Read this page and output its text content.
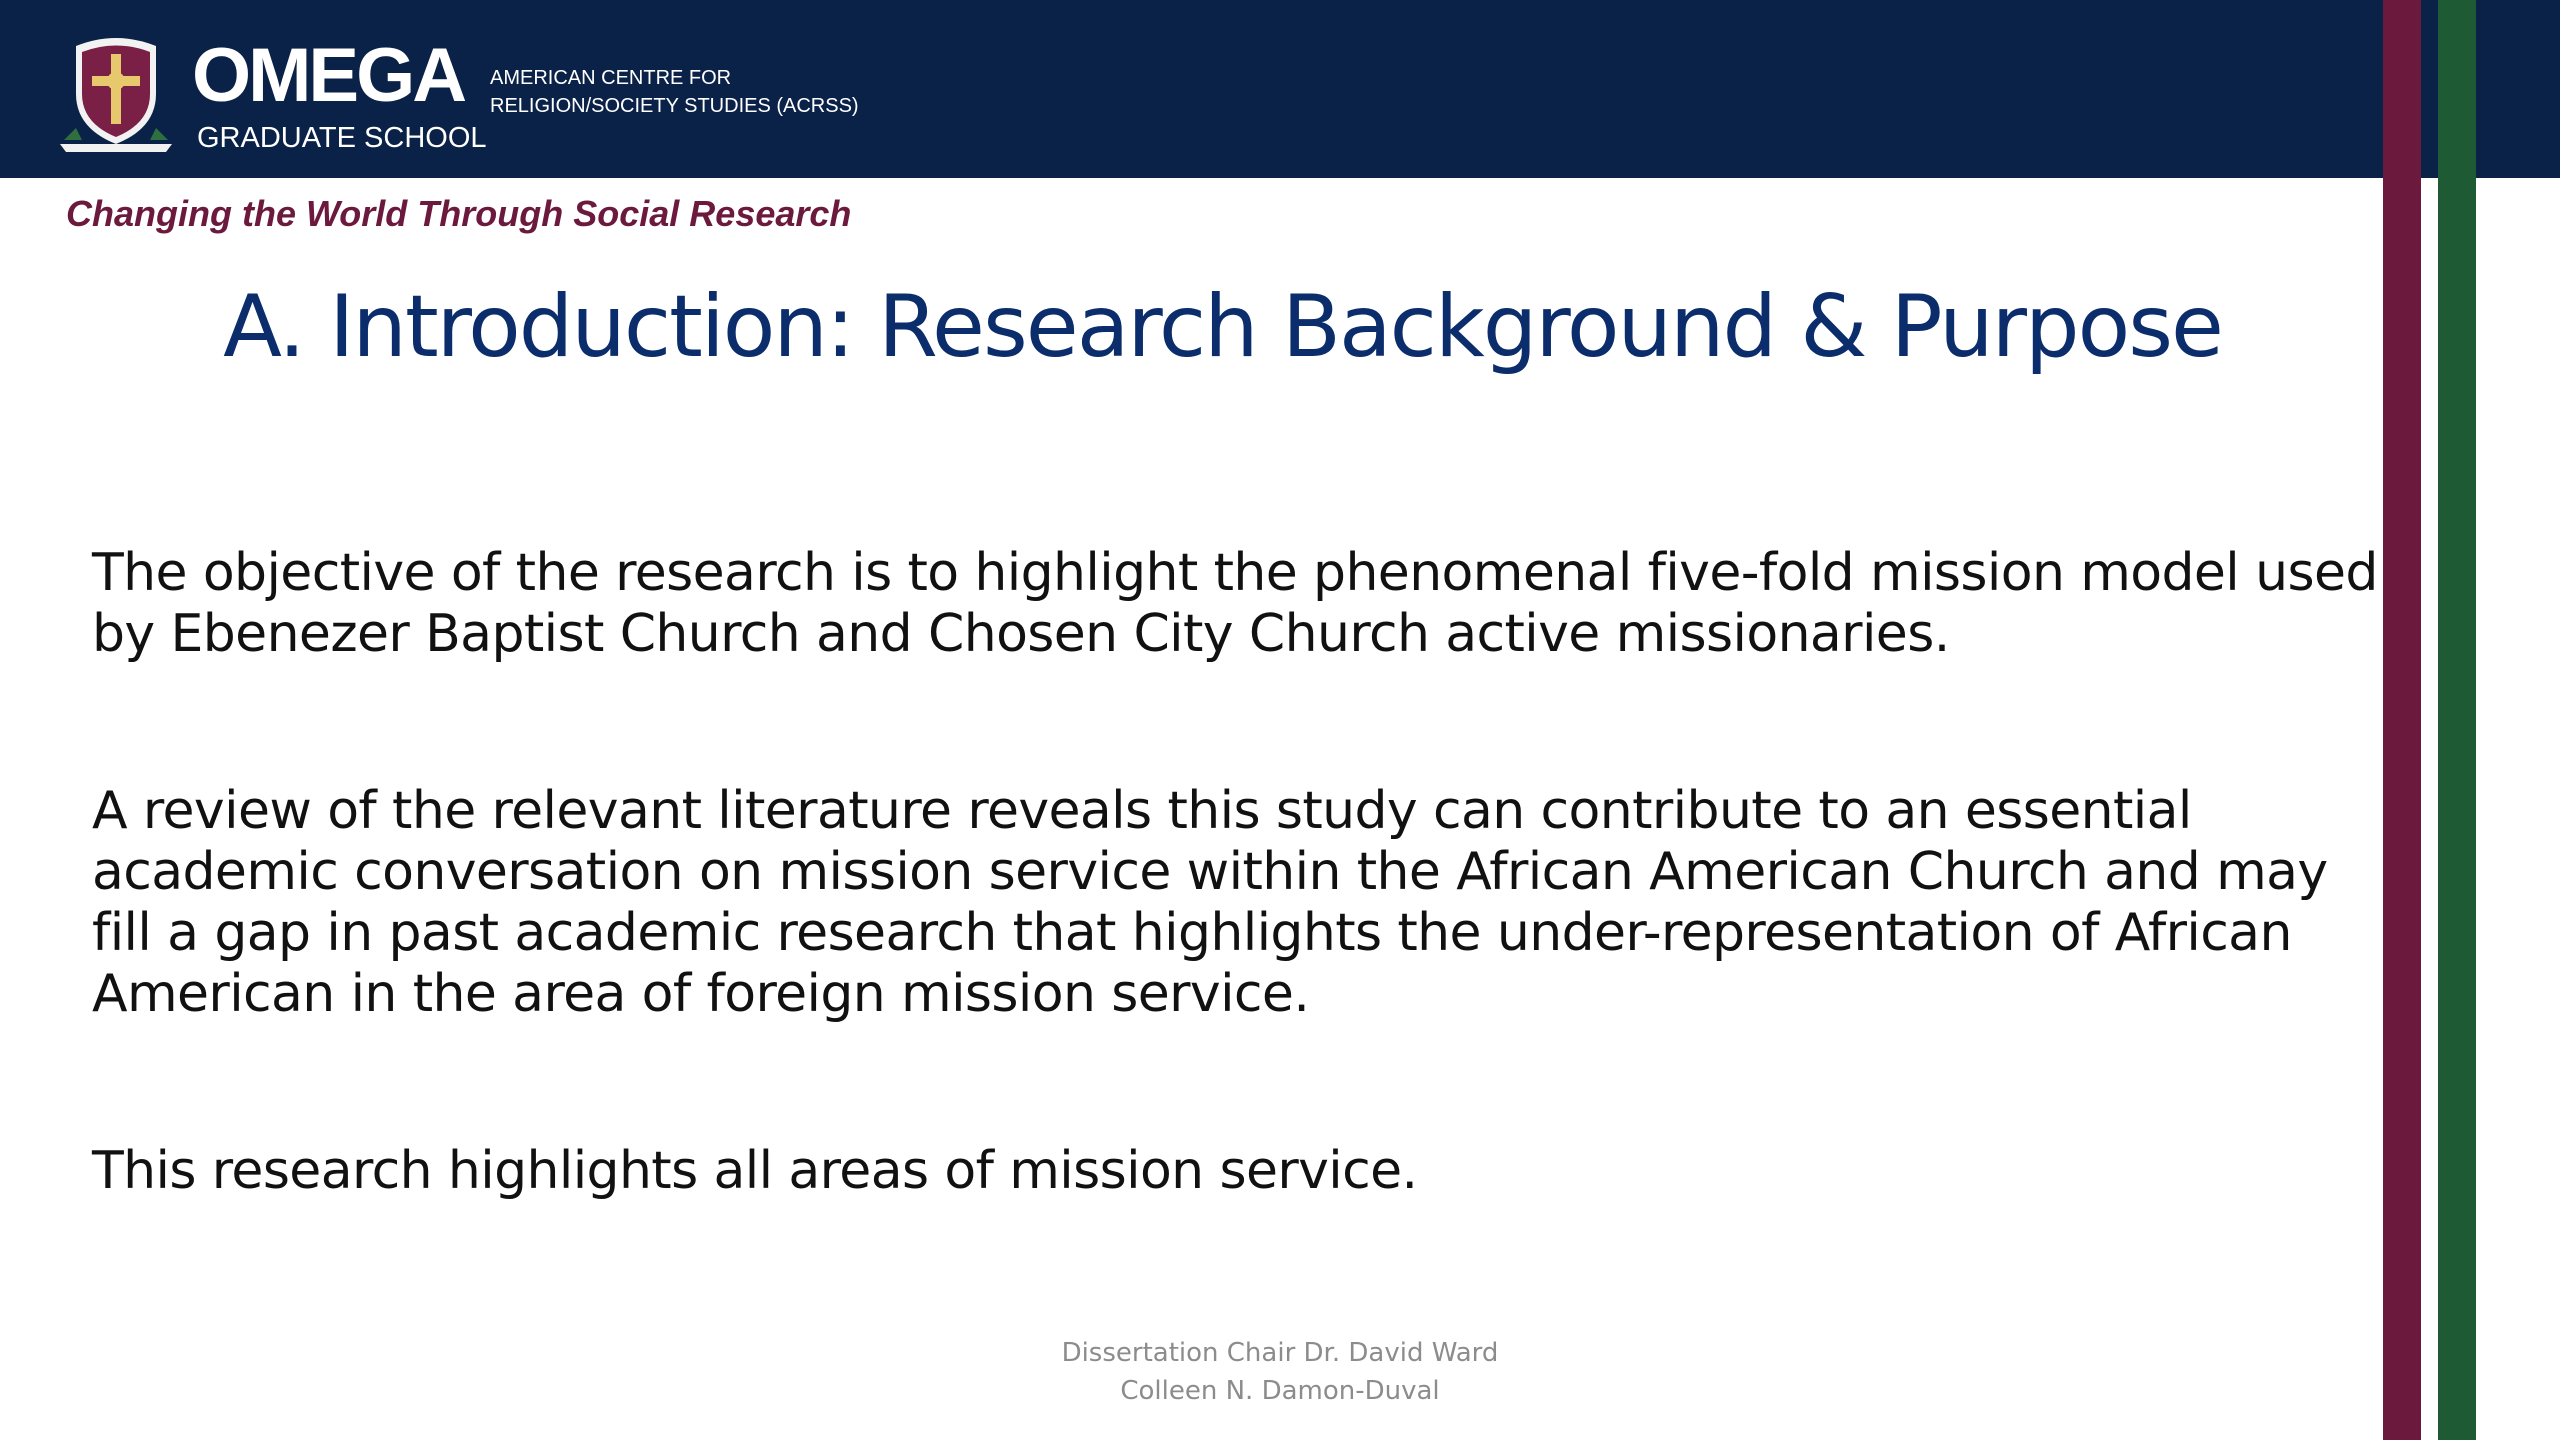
OMEGA
GRADUATE SCHOOL
AMERICAN CENTRE FOR
RELIGION/SOCIETY STUDIES (ACRSS)
Changing the World Through Social Research
A. Introduction: Research Background & Purpose

The objective of the research is to highlight the phenomenal five-fold mission model used by Ebenezer Baptist Church and Chosen City Church active missionaries.

A review of the relevant literature reveals this study can contribute to an essential academic conversation on mission service within the African American Church and may fill a gap in past academic research that highlights the under-representation of African American in the area of foreign mission service.

This research highlights all areas of mission service.

Dissertation Chair Dr. David Ward
Colleen N. Damon-Duval
